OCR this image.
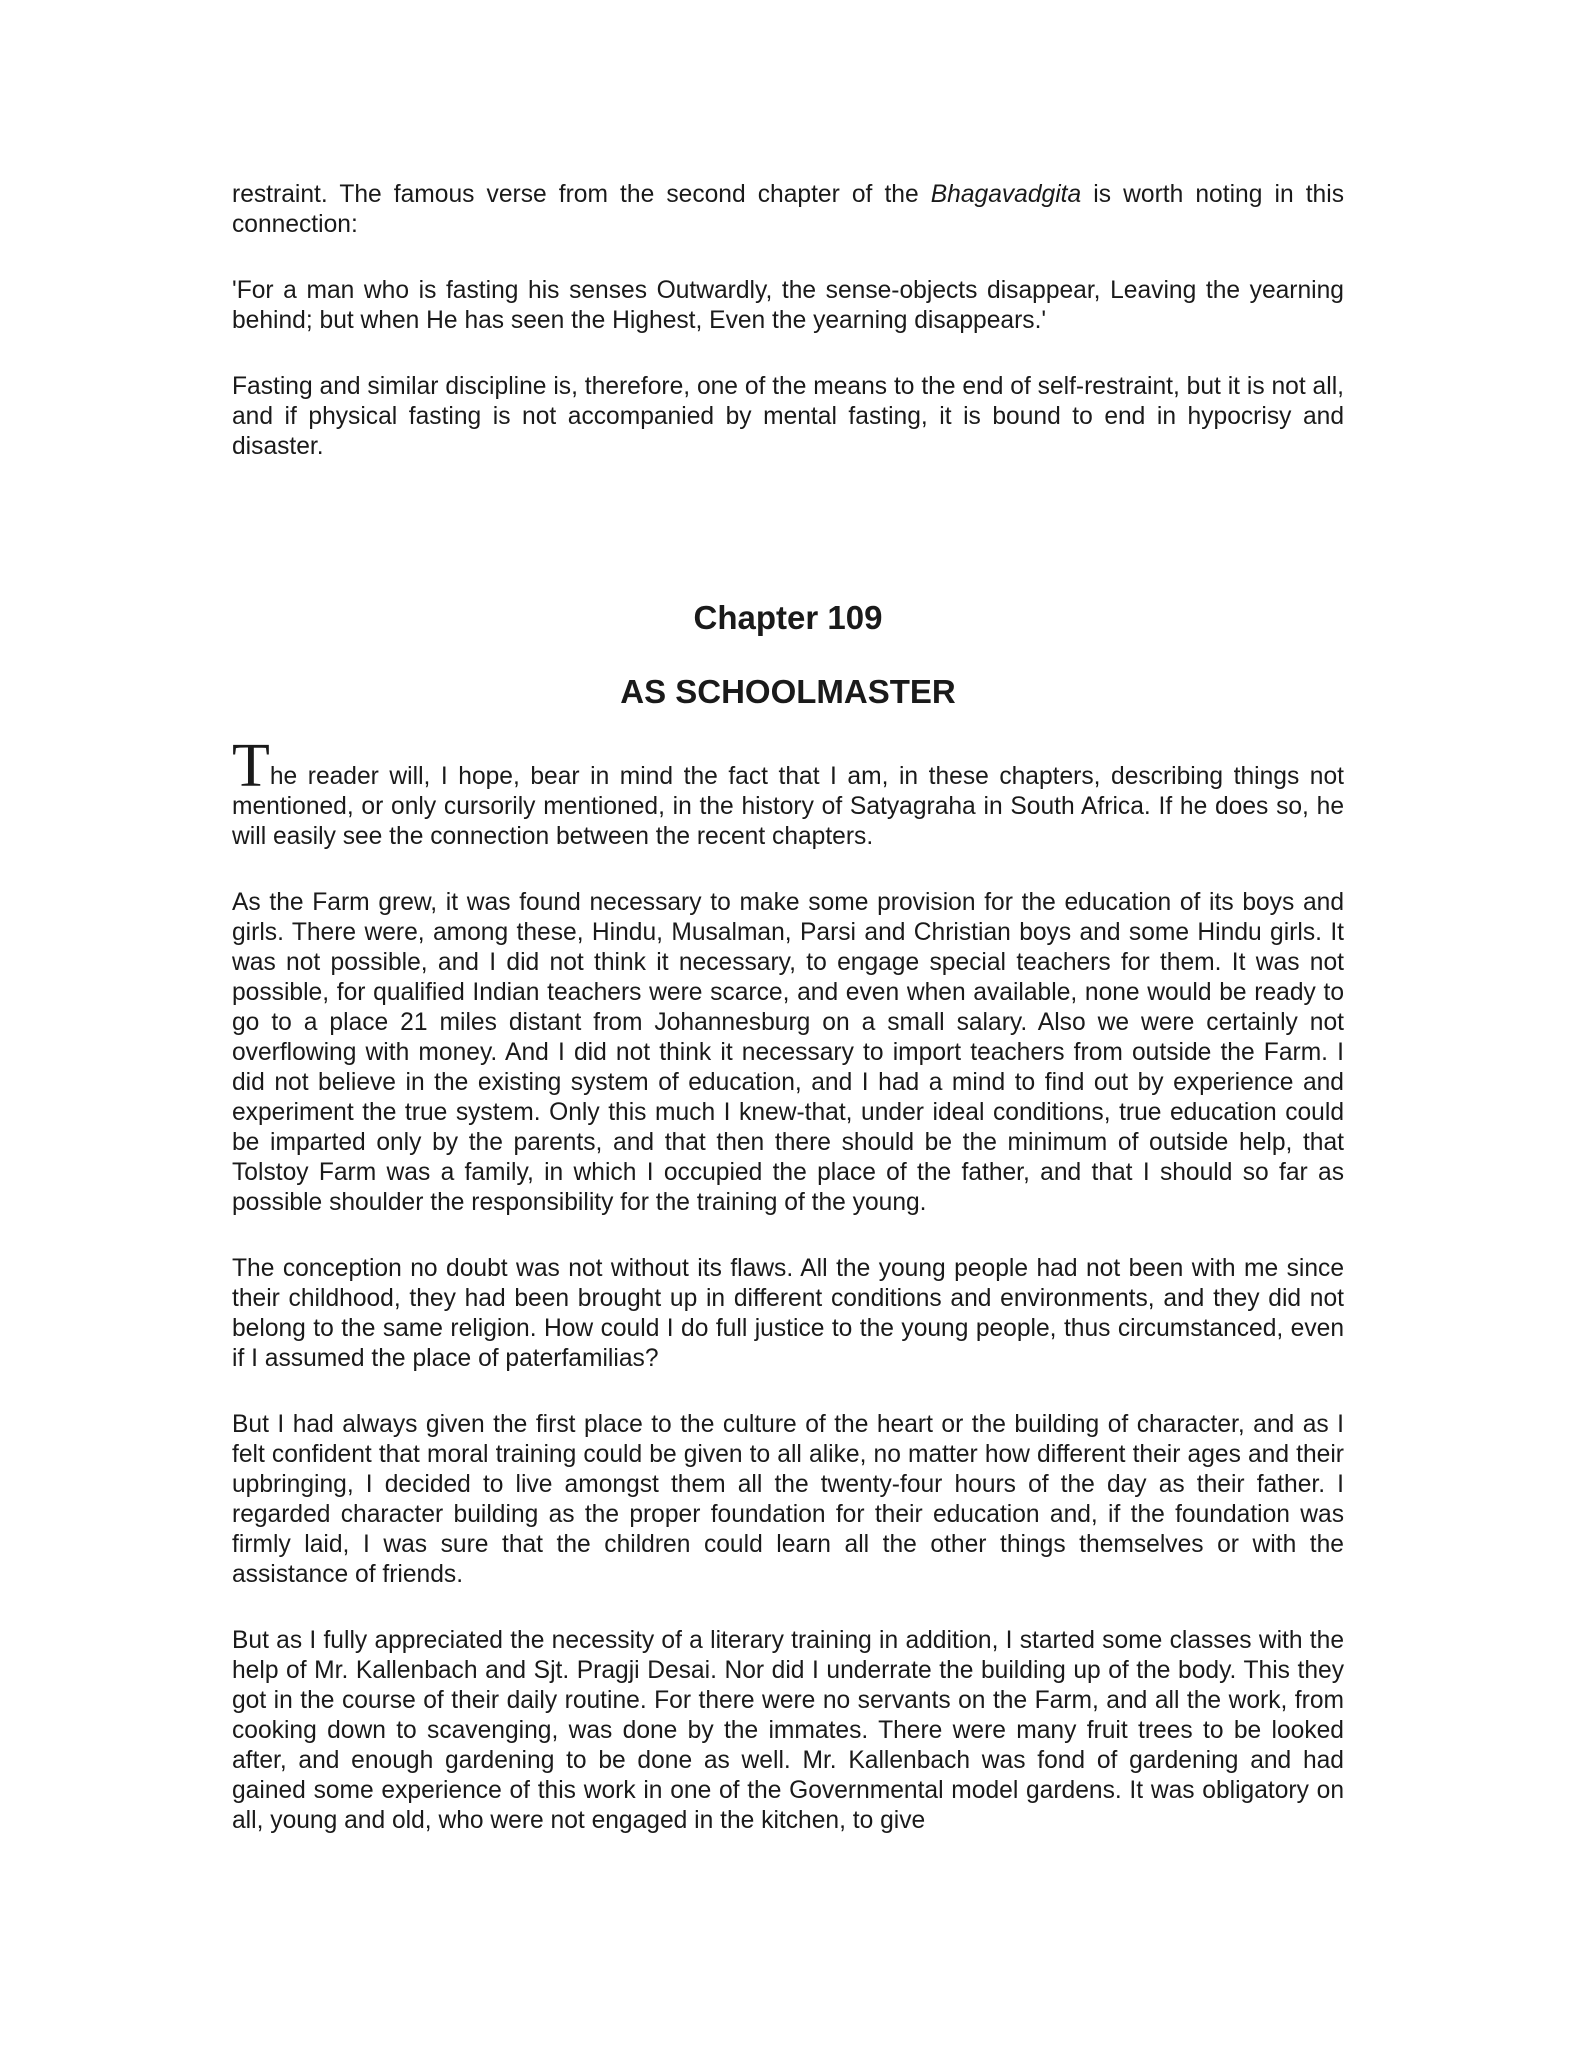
restraint. The famous verse from the second chapter of the Bhagavadgita is worth noting in this connection:

'For a man who is fasting his senses Outwardly, the sense-objects disappear, Leaving the yearning behind; but when He has seen the Highest, Even the yearning disappears.'

Fasting and similar discipline is, therefore, one of the means to the end of self-restraint, but it is not all, and if physical fasting is not accompanied by mental fasting, it is bound to end in hypocrisy and disaster.

Chapter 109
AS SCHOOLMASTER

The reader will, I hope, bear in mind the fact that I am, in these chapters, describing things not mentioned, or only cursorily mentioned, in the history of Satyagraha in South Africa. If he does so, he will easily see the connection between the recent chapters.

As the Farm grew, it was found necessary to make some provision for the education of its boys and girls. There were, among these, Hindu, Musalman, Parsi and Christian boys and some Hindu girls. It was not possible, and I did not think it necessary, to engage special teachers for them. It was not possible, for qualified Indian teachers were scarce, and even when available, none would be ready to go to a place 21 miles distant from Johannesburg on a small salary. Also we were certainly not overflowing with money. And I did not think it necessary to import teachers from outside the Farm. I did not believe in the existing system of education, and I had a mind to find out by experience and experiment the true system. Only this much I knew-that, under ideal conditions, true education could be imparted only by the parents, and that then there should be the minimum of outside help, that Tolstoy Farm was a family, in which I occupied the place of the father, and that I should so far as possible shoulder the responsibility for the training of the young.

The conception no doubt was not without its flaws. All the young people had not been with me since their childhood, they had been brought up in different conditions and environments, and they did not belong to the same religion. How could I do full justice to the young people, thus circumstanced, even if I assumed the place of paterfamilias?

But I had always given the first place to the culture of the heart or the building of character, and as I felt confident that moral training could be given to all alike, no matter how different their ages and their upbringing, I decided to live amongst them all the twenty-four hours of the day as their father. I regarded character building as the proper foundation for their education and, if the foundation was firmly laid, I was sure that the children could learn all the other things themselves or with the assistance of friends.

But as I fully appreciated the necessity of a literary training in addition, I started some classes with the help of Mr. Kallenbach and Sjt. Pragji Desai. Nor did I underrate the building up of the body. This they got in the course of their daily routine. For there were no servants on the Farm, and all the work, from cooking down to scavenging, was done by the immates. There were many fruit trees to be looked after, and enough gardening to be done as well. Mr. Kallenbach was fond of gardening and had gained some experience of this work in one of the Governmental model gardens. It was obligatory on all, young and old, who were not engaged in the kitchen, to give
